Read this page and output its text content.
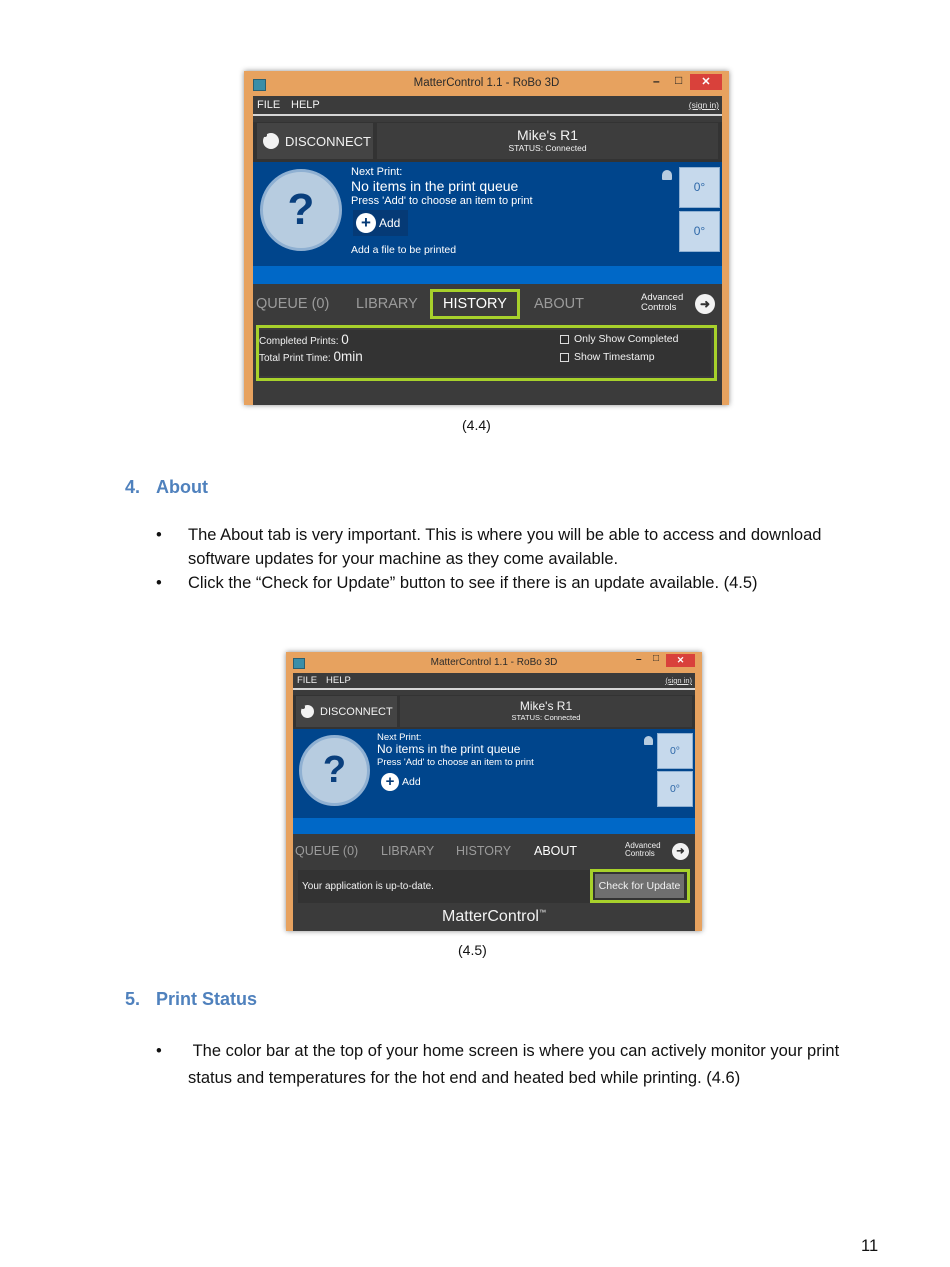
MatterControl 1.1 - RoBo 3D	– □	✕
FILE HELP	(sign in)
DISCONNECT	Mike's R1
STATUS: Connected
?
Next Print:
No items in the print queue
Press 'Add' to choose an item to print
+ Add
Add a file to be printed
0°
0°
QUEUE (0) LIBRARY HISTORY ABOUT	Advanced
Controls	➜
Completed Prints: 0
Total Print Time: 0min
Only Show Completed
Show Timestamp
(4.4)
4. About
• The About tab is very important. This is where you will be able to access and download software updates for your machine as they come available.
• Click the “Check for Update” button to see if there is an update available. (4.5)
MatterControl 1.1 - RoBo 3D	– □	✕
FILE HELP	(sign in)
DISCONNECT	Mike's R1
STATUS: Connected
?
Next Print:
No items in the print queue
Press 'Add' to choose an item to print
+ Add
0°
0°
QUEUE (0) LIBRARY HISTORY ABOUT	Advanced
Controls	➜
Your application is up-to-date.	Check for Update
MatterControl™
(4.5)
5. Print Status
• The color bar at the top of your home screen is where you can actively monitor your print status and temperatures for the hot end and heated bed while printing. (4.6)
11
